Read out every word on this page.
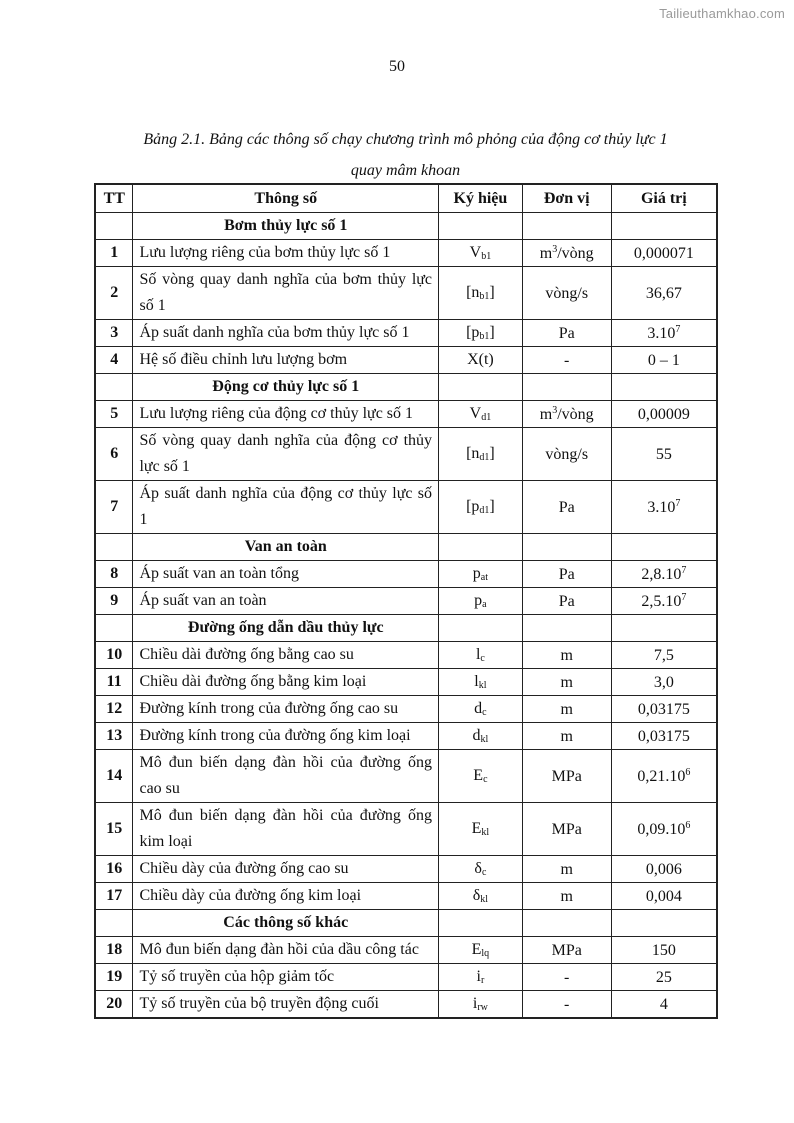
Tailieuthamkhao.com
50
Bảng 2.1. Bảng các thông số chạy chương trình mô phỏng của động cơ thủy lực 1
quay mâm khoan
TT	Thông số	Ký hiệu	Đơn vị	Giá trị
	Bơm thủy lực số 1			
1	Lưu lượng riêng của bơm thủy lực số 1	$V_{b1}$	$m^3$/vòng	0,000071
2	Số vòng quay danh nghĩa của bơm thủy lực số 1	$[n_{b1}]$	vòng/s	36,67
3	Áp suất danh nghĩa của bơm thủy lực số 1	$[p_{b1}]$	Pa	3.10$^7$
4	Hệ số điều chỉnh lưu lượng bơm	X(t)	-	0 – 1
	Động cơ thủy lực số 1			
5	Lưu lượng riêng của động cơ thủy lực số 1	$V_{d1}$	$m^3$/vòng	0,00009
6	Số vòng quay danh nghĩa của động cơ thủy lực số 1	$[n_{d1}]$	vòng/s	55
7	Áp suất danh nghĩa của động cơ thủy lực số 1	$[p_{d1}]$	Pa	3.10$^7$
	Van an toàn			
8	Áp suất van an toàn tổng	$p_{at}$	Pa	2,8.10$^7$
9	Áp suất van an toàn	$p_a$	Pa	2,5.10$^7$
	Đường ống dẫn dầu thủy lực			
10	Chiều dài đường ống bằng cao su	$l_c$	m	7,5
11	Chiều dài đường ống bằng kim loại	$l_{kl}$	m	3,0
12	Đường kính trong của đường ống cao su	$d_c$	m	0,03175
13	Đường kính trong của đường ống kim loại	$d_{kl}$	m	0,03175
14	Mô đun biến dạng đàn hồi của đường ống cao su	$E_c$	MPa	0,21.10$^6$
15	Mô đun biến dạng đàn hồi của đường ống kim loại	$E_{kl}$	MPa	0,09.10$^6$
16	Chiều dày của đường ống cao su	$\delta_c$	m	0,006
17	Chiều dày của đường ống kim loại	$\delta_{kl}$	m	0,004
	Các thông số khác			
18	Mô đun biến dạng đàn hồi của dầu công tác	$E_{lq}$	MPa	150
19	Tỷ số truyền của hộp giảm tốc	$i_r$	-	25
20	Tỷ số truyền của bộ truyền động cuối	$i_{rw}$	-	4
